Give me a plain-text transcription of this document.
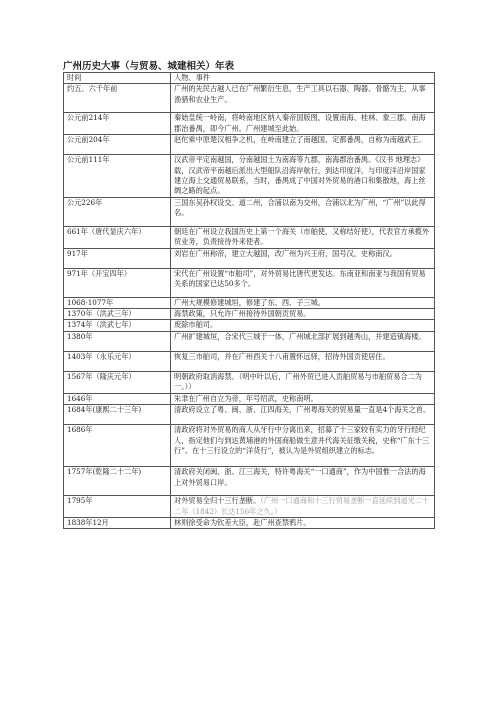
广州历史大事（与贸易、城建相关）年表
时间	人物、事件
约五、六千年前	广州的先民古越人已在广州繁衍生息，生产工具以石器、陶器、骨骼为主，从事渔猎和农业生产。
公元前214年	秦始皇统一岭南，将岭南地区纳入秦帝国版图，设置南海、桂林、象三郡。南海郡治番禺，即今广州。广州建城至此始。
公元前204年	赵佗乘中原楚汉相争之机，在岭南建立了南越国，定都番禺，自称为南越武王。
公元前111年	汉武帝平定南越国，分南越国土为南海等九郡，南海郡治番禺。《汉书 地理志》载，汉武帝平南越后派出大型船队沿海岸航行，到达印度洋，与印度洋沿岸国家建立海上交通贸易联系，当时，番禺成了中国对外贸易的港口和集散地，海上丝绸之路的起点。
公元226年	三国东吴孙权设交、道二州，合浦以南为交州，合浦以北为广州，“广州”以此得名。
661年（唐代显庆六年）	朝廷在广州设立我国历史上第一个海关（市舶使，又称结好使），代表官方承揽外贸业务，负责接待外来使者。
917年	刘岩在广州称帝，建立大越国，改广州为兴王府，国号汉，史称南汉。
971年（开宝四年）	宋代在广州设置“市舶司”，对外贸易比唐代更发达。东南亚和南亚与我国有贸易关系的国家已达50多个。
1068-1077年	广州大规模修建城垣，修建了东、西、子三城。
1370年（洪武三年）	海禁政策，只允许广州接待外国朝贡贸易。
1374年（洪武七年）	废除市舶司。
1380年	广州扩建城垣，合宋代三城于一体，广州城北部扩展到越秀山，并建造镇海楼。
1403年（永乐元年）	恢复三市舶司，并在广州西关十八甫置怀远驿，招待外国贡使居住。
1567年（隆庆元年）	明朝政府取消海禁。（明中叶以后，广州外贸已进入贡舶贸易与市舶贸易合二为一。））
1646年	朱聿在广州自立为帝，年号绍武，史称南明。
1684年(康熙二十三年)	清政府设立了粤、闽、浙、江四海关，广州粤海关的贸易量一直是4个海关之首。
1686年	清政府将对外贸易的商人从牙行中分离出来，招募了十三家较有实力的牙行经纪人，指定他们与到达黄埔港的外国商船做生意并代海关征缴关税，史称“广东十三行”。在十三行设立的“洋货行”，被认为是外贸组织建立的标志。
1757年(乾隆二十二年)	清政府关闭闽、浙、江三海关，特许粤海关“一口通商”，作为中国惟一合法的海上对外贸易口岸。
1795年	对外贸易全归十三行垄断。（广州一口通商和十三行贸易垄断一直延续到道光二十二年（1842）长达156年之久。）
1838年12月	林则徐受命为钦差大臣，赴广州查禁鸦片。
